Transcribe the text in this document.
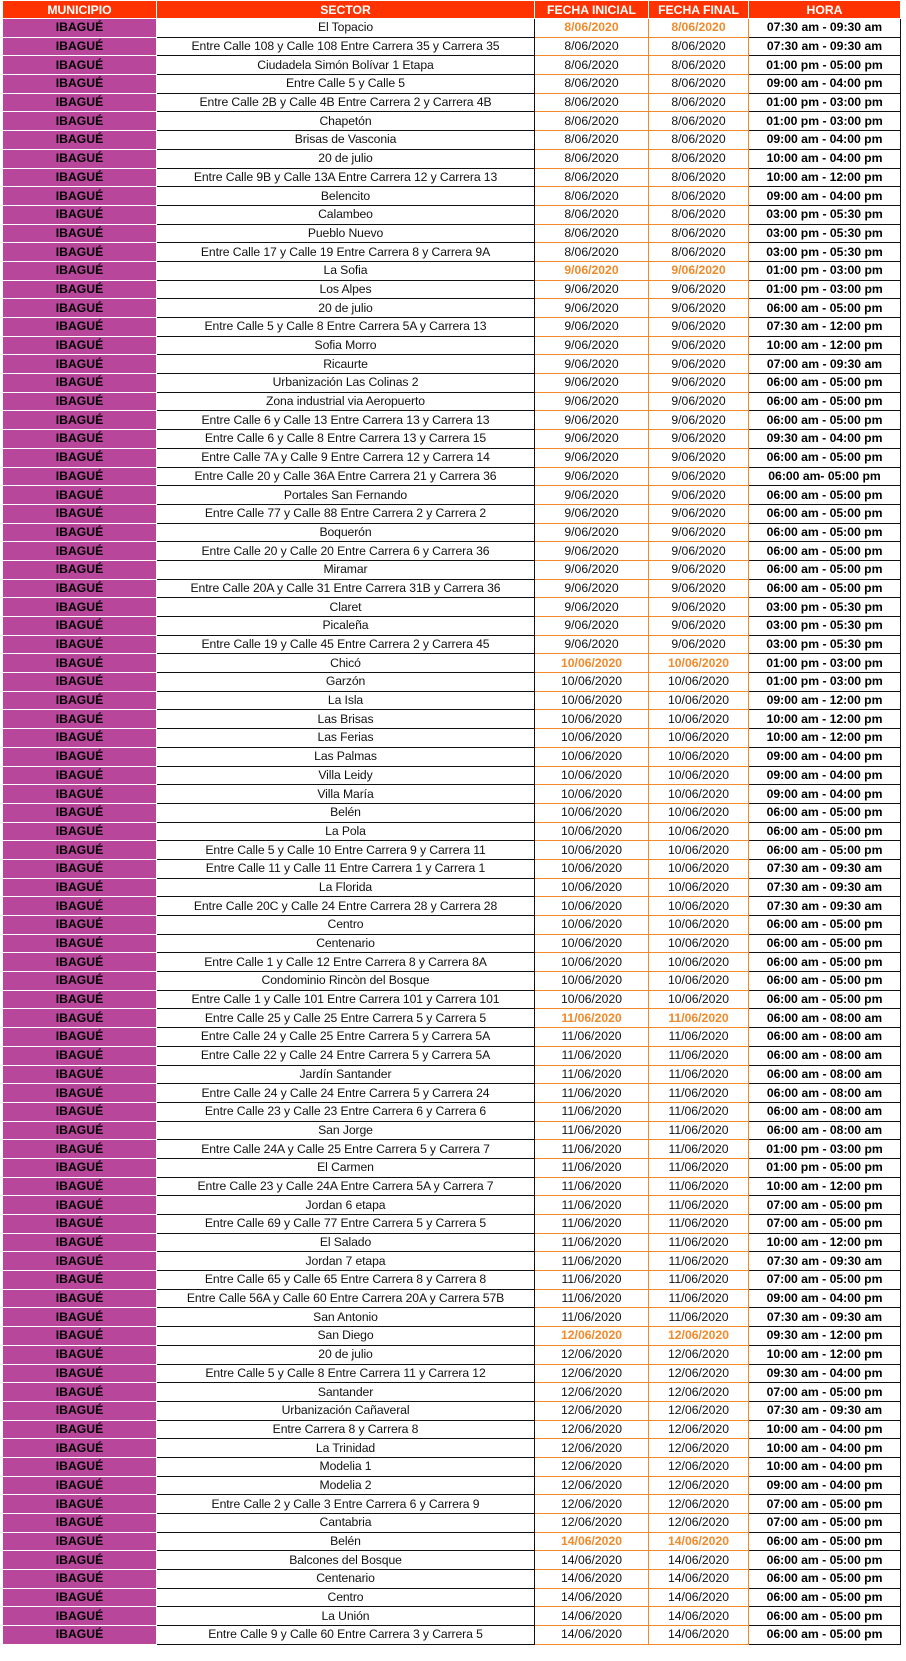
MUNICIPIO	SECTOR	FECHA INICIAL	FECHA FINAL	HORA
IBAGUÉ	El Topacio	8/06/2020	8/06/2020	07:30 am - 09:30 am
IBAGUÉ	Entre Calle 108 y Calle 108 Entre Carrera 35 y Carrera 35	8/06/2020	8/06/2020	07:30 am - 09:30 am
IBAGUÉ	Ciudadela Simón Bolívar 1 Etapa	8/06/2020	8/06/2020	01:00 pm - 05:00 pm
IBAGUÉ	Entre Calle 5 y Calle 5	8/06/2020	8/06/2020	09:00 am - 04:00 pm
IBAGUÉ	Entre Calle 2B y Calle 4B Entre Carrera 2 y Carrera 4B	8/06/2020	8/06/2020	01:00 pm - 03:00 pm
IBAGUÉ	Chapetón	8/06/2020	8/06/2020	01:00 pm - 03:00 pm
IBAGUÉ	Brisas de Vasconia	8/06/2020	8/06/2020	09:00 am - 04:00 pm
IBAGUÉ	20 de julio	8/06/2020	8/06/2020	10:00 am - 04:00 pm
IBAGUÉ	Entre Calle 9B y Calle 13A Entre Carrera 12 y Carrera 13	8/06/2020	8/06/2020	10:00 am - 12:00 pm
IBAGUÉ	Belencito	8/06/2020	8/06/2020	09:00 am - 04:00 pm
IBAGUÉ	Calambeo	8/06/2020	8/06/2020	03:00 pm - 05:30 pm
IBAGUÉ	Pueblo Nuevo	8/06/2020	8/06/2020	03:00 pm - 05:30 pm
IBAGUÉ	Entre Calle 17 y Calle 19 Entre Carrera 8 y Carrera 9A	8/06/2020	8/06/2020	03:00 pm - 05:30 pm
IBAGUÉ	La Sofia	9/06/2020	9/06/2020	01:00 pm - 03:00 pm
IBAGUÉ	Los Alpes	9/06/2020	9/06/2020	01:00 pm - 03:00 pm
IBAGUÉ	20 de julio	9/06/2020	9/06/2020	06:00 am - 05:00 pm
IBAGUÉ	Entre Calle 5 y Calle 8 Entre Carrera 5A y Carrera 13	9/06/2020	9/06/2020	07:30 am - 12:00 pm
IBAGUÉ	Sofia Morro	9/06/2020	9/06/2020	10:00 am - 12:00 pm
IBAGUÉ	Ricaurte	9/06/2020	9/06/2020	07:00 am - 09:30 am
IBAGUÉ	Urbanización Las Colinas 2	9/06/2020	9/06/2020	06:00 am - 05:00 pm
IBAGUÉ	Zona industrial via Aeropuerto	9/06/2020	9/06/2020	06:00 am - 05:00 pm
IBAGUÉ	Entre Calle 6 y Calle 13 Entre Carrera 13 y Carrera 13	9/06/2020	9/06/2020	06:00 am - 05:00 pm
IBAGUÉ	Entre Calle 6 y Calle 8 Entre Carrera 13 y Carrera 15	9/06/2020	9/06/2020	09:30 am - 04:00 pm
IBAGUÉ	Entre Calle 7A y Calle 9 Entre Carrera 12 y Carrera 14	9/06/2020	9/06/2020	06:00 am - 05:00 pm
IBAGUÉ	Entre Calle 20 y Calle 36A Entre Carrera 21 y Carrera 36	9/06/2020	9/06/2020	06:00 am- 05:00 pm
IBAGUÉ	Portales San Fernando	9/06/2020	9/06/2020	06:00 am - 05:00 pm
IBAGUÉ	Entre Calle 77 y Calle 88 Entre Carrera 2 y Carrera 2	9/06/2020	9/06/2020	06:00 am - 05:00 pm
IBAGUÉ	Boquerón	9/06/2020	9/06/2020	06:00 am - 05:00 pm
IBAGUÉ	Entre Calle 20 y Calle 20 Entre Carrera 6 y Carrera 36	9/06/2020	9/06/2020	06:00 am - 05:00 pm
IBAGUÉ	Miramar	9/06/2020	9/06/2020	06:00 am - 05:00 pm
IBAGUÉ	Entre Calle 20A y Calle 31 Entre Carrera 31B y Carrera 36	9/06/2020	9/06/2020	06:00 am - 05:00 pm
IBAGUÉ	Claret	9/06/2020	9/06/2020	03:00 pm - 05:30 pm
IBAGUÉ	Picaleña	9/06/2020	9/06/2020	03:00 pm - 05:30 pm
IBAGUÉ	Entre Calle 19 y Calle 45 Entre Carrera 2 y Carrera 45	9/06/2020	9/06/2020	03:00 pm - 05:30 pm
IBAGUÉ	Chicó	10/06/2020	10/06/2020	01:00 pm - 03:00 pm
IBAGUÉ	Garzón	10/06/2020	10/06/2020	01:00 pm - 03:00 pm
IBAGUÉ	La Isla	10/06/2020	10/06/2020	09:00 am - 12:00 pm
IBAGUÉ	Las Brisas	10/06/2020	10/06/2020	10:00 am - 12:00 pm
IBAGUÉ	Las Ferias	10/06/2020	10/06/2020	10:00 am - 12:00 pm
IBAGUÉ	Las Palmas	10/06/2020	10/06/2020	09:00 am - 04:00 pm
IBAGUÉ	Villa Leidy	10/06/2020	10/06/2020	09:00 am - 04:00 pm
IBAGUÉ	Villa María	10/06/2020	10/06/2020	09:00 am - 04:00 pm
IBAGUÉ	Belén	10/06/2020	10/06/2020	06:00 am - 05:00 pm
IBAGUÉ	La Pola	10/06/2020	10/06/2020	06:00 am - 05:00 pm
IBAGUÉ	Entre Calle 5 y Calle 10 Entre Carrera 9 y Carrera 11	10/06/2020	10/06/2020	06:00 am - 05:00 pm
IBAGUÉ	Entre Calle 11 y Calle 11 Entre Carrera 1 y Carrera 1	10/06/2020	10/06/2020	07:30 am - 09:30 am
IBAGUÉ	La Florida	10/06/2020	10/06/2020	07:30 am - 09:30 am
IBAGUÉ	Entre Calle 20C y Calle 24 Entre Carrera 28 y Carrera 28	10/06/2020	10/06/2020	07:30 am - 09:30 am
IBAGUÉ	Centro	10/06/2020	10/06/2020	06:00 am - 05:00 pm
IBAGUÉ	Centenario	10/06/2020	10/06/2020	06:00 am - 05:00 pm
IBAGUÉ	Entre Calle 1 y Calle 12 Entre Carrera 8 y Carrera 8A	10/06/2020	10/06/2020	06:00 am - 05:00 pm
IBAGUÉ	Condominio Rincòn del Bosque	10/06/2020	10/06/2020	06:00 am - 05:00 pm
IBAGUÉ	Entre Calle 1 y Calle 101 Entre Carrera 101 y Carrera 101	10/06/2020	10/06/2020	06:00 am - 05:00 pm
IBAGUÉ	Entre Calle 25 y Calle 25 Entre Carrera 5 y Carrera 5	11/06/2020	11/06/2020	06:00 am - 08:00 am
IBAGUÉ	Entre Calle 24 y Calle 25 Entre Carrera 5 y Carrera 5A	11/06/2020	11/06/2020	06:00 am - 08:00 am
IBAGUÉ	Entre Calle 22 y Calle 24 Entre Carrera 5 y Carrera 5A	11/06/2020	11/06/2020	06:00 am - 08:00 am
IBAGUÉ	Jardín Santander	11/06/2020	11/06/2020	06:00 am - 08:00 am
IBAGUÉ	Entre Calle 24 y Calle 24 Entre Carrera 5 y Carrera 24	11/06/2020	11/06/2020	06:00 am - 08:00 am
IBAGUÉ	Entre Calle 23 y Calle 23 Entre Carrera 6 y Carrera 6	11/06/2020	11/06/2020	06:00 am - 08:00 am
IBAGUÉ	San Jorge	11/06/2020	11/06/2020	06:00 am - 08:00 am
IBAGUÉ	Entre Calle 24A y Calle 25 Entre Carrera 5 y Carrera 7	11/06/2020	11/06/2020	01:00 pm - 03:00 pm
IBAGUÉ	El Carmen	11/06/2020	11/06/2020	01:00 pm - 05:00 pm
IBAGUÉ	Entre Calle 23 y Calle 24A Entre Carrera 5A y Carrera 7	11/06/2020	11/06/2020	10:00 am - 12:00 pm
IBAGUÉ	Jordan 6 etapa	11/06/2020	11/06/2020	07:00 am - 05:00 pm
IBAGUÉ	Entre Calle 69 y Calle 77 Entre Carrera 5 y Carrera 5	11/06/2020	11/06/2020	07:00 am - 05:00 pm
IBAGUÉ	El Salado	11/06/2020	11/06/2020	10:00 am - 12:00 pm
IBAGUÉ	Jordan 7 etapa	11/06/2020	11/06/2020	07:30 am - 09:30 am
IBAGUÉ	Entre Calle 65 y Calle 65 Entre Carrera 8 y Carrera 8	11/06/2020	11/06/2020	07:00 am - 05:00 pm
IBAGUÉ	Entre Calle 56A y Calle 60 Entre Carrera 20A y Carrera 57B	11/06/2020	11/06/2020	09:00 am - 04:00 pm
IBAGUÉ	San Antonio	11/06/2020	11/06/2020	07:30 am - 09:30 am
IBAGUÉ	San Diego	12/06/2020	12/06/2020	09:30 am - 12:00 pm
IBAGUÉ	20 de julio	12/06/2020	12/06/2020	10:00 am - 12:00 pm
IBAGUÉ	Entre Calle 5 y Calle 8 Entre Carrera 11 y Carrera 12	12/06/2020	12/06/2020	09:30 am - 04:00 pm
IBAGUÉ	Santander	12/06/2020	12/06/2020	07:00 am - 05:00 pm
IBAGUÉ	Urbanización Cañaveral	12/06/2020	12/06/2020	07:30 am - 09:30 am
IBAGUÉ	Entre Carrera 8 y Carrera 8	12/06/2020	12/06/2020	10:00 am - 04:00 pm
IBAGUÉ	La Trinidad	12/06/2020	12/06/2020	10:00 am - 04:00 pm
IBAGUÉ	Modelia 1	12/06/2020	12/06/2020	10:00 am - 04:00 pm
IBAGUÉ	Modelia 2	12/06/2020	12/06/2020	09:00 am - 04:00 pm
IBAGUÉ	Entre Calle 2 y Calle 3 Entre Carrera 6 y Carrera 9	12/06/2020	12/06/2020	07:00 am - 05:00 pm
IBAGUÉ	Cantabria	12/06/2020	12/06/2020	07:00 am - 05:00 pm
IBAGUÉ	Belén	14/06/2020	14/06/2020	06:00 am - 05:00 pm
IBAGUÉ	Balcones del Bosque	14/06/2020	14/06/2020	06:00 am - 05:00 pm
IBAGUÉ	Centenario	14/06/2020	14/06/2020	06:00 am - 05:00 pm
IBAGUÉ	Centro	14/06/2020	14/06/2020	06:00 am - 05:00 pm
IBAGUÉ	La Unión	14/06/2020	14/06/2020	06:00 am - 05:00 pm
IBAGUÉ	Entre Calle 9 y Calle 60 Entre Carrera 3 y Carrera 5	14/06/2020	14/06/2020	06:00 am - 05:00 pm
